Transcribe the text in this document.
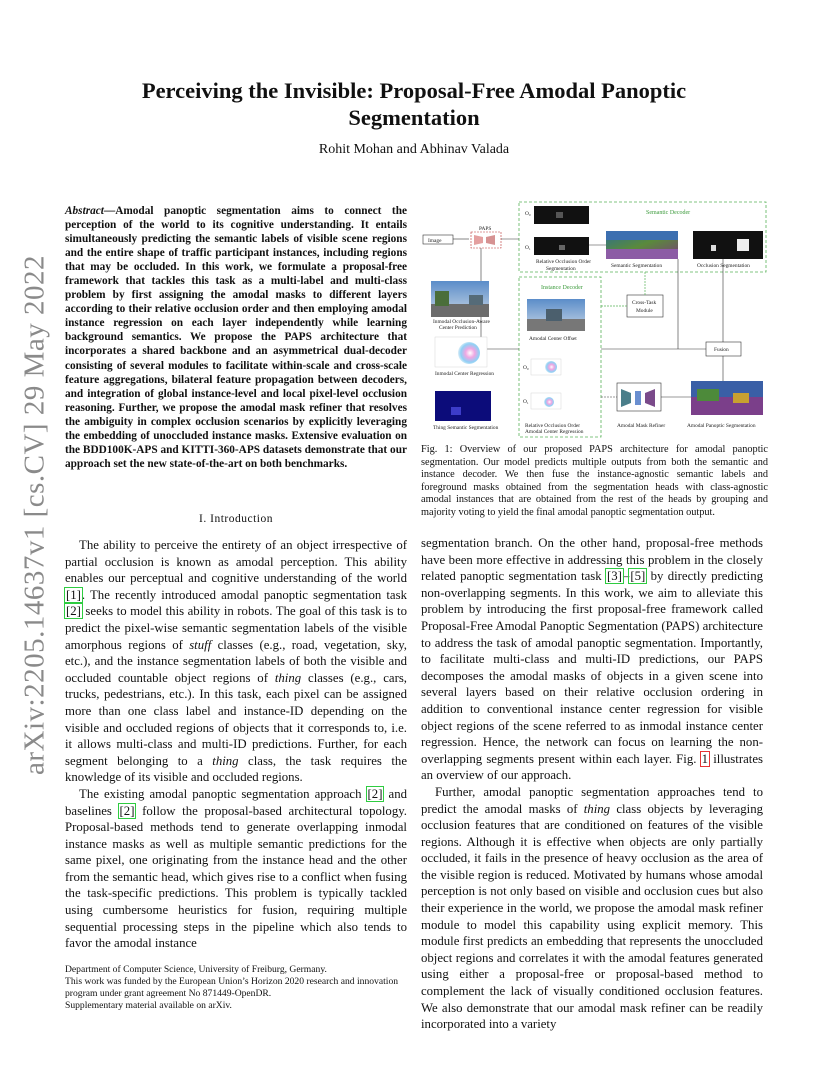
arXiv:2205.14637v1 [cs.CV] 29 May 2022
Perceiving the Invisible: Proposal-Free Amodal Panoptic Segmentation
Rohit Mohan and Abhinav Valada
Abstract—Amodal panoptic segmentation aims to connect the perception of the world to its cognitive understanding. It entails simultaneously predicting the semantic labels of visible scene regions and the entire shape of traffic participant instances, including regions that may be occluded. In this work, we formulate a proposal-free framework that tackles this task as a multi-label and multi-class problem by first assigning the amodal masks to different layers according to their relative occlusion order and then employing amodal instance regression on each layer independently while learning background semantics. We propose the PAPS architecture that incorporates a shared backbone and an asymmetrical dual-decoder consisting of several modules to facilitate within-scale and cross-scale feature aggregations, bilateral feature propagation between decoders, and integration of global instance-level and local pixel-level occlusion reasoning. Further, we propose the amodal mask refiner that resolves the ambiguity in complex occlusion scenarios by explicitly leveraging the embedding of unoccluded instance masks. Extensive evaluation on the BDD100K-APS and KITTI-360-APS datasets demonstrate that our approach set the new state-of-the-art on both benchmarks.
I. Introduction

The ability to perceive the entirety of an object irrespective of partial occlusion is known as amodal perception. This ability enables our perceptual and cognitive understanding of the world [1]. The recently introduced amodal panoptic segmentation task [2] seeks to model this ability in robots. The goal of this task is to predict the pixel-wise semantic segmentation labels of the visible amorphous regions of stuff classes (e.g., road, vegetation, sky, etc.), and the instance segmentation labels of both the visible and occluded countable object regions of thing classes (e.g., cars, trucks, pedestrians, etc.). In this task, each pixel can be assigned more than one class label and instance-ID depending on the visible and occluded regions of objects that it corresponds to, i.e. it allows multi-class and multi-ID predictions. Further, for each segment belonging to a thing class, the task requires the knowledge of its visible and occluded regions.

The existing amodal panoptic segmentation approach [2] and baselines [2] follow the proposal-based architectural topology. Proposal-based methods tend to generate overlapping inmodal instance masks as well as multiple semantic predictions for the same pixel, one originating from the instance head and the other from the semantic head, which gives rise to a conflict when fusing the task-specific predictions. This problem is typically tackled using cumbersome heuristics for fusion, requiring multiple sequential processing steps in the pipeline which also tends to favor the amodal instance

Department of Computer Science, University of Freiburg, Germany.
This work was funded by the European Union’s Horizon 2020 research and innovation program under grant agreement No 871449-OpenDR.
Supplementary material available on arXiv.
Semantic Decoder
Instance Decoder
Image
PAPS
O₀
O₁
Relative Occlusion Order
Segmentation	Semantic Segmentation	Occlusion Segmentation
Inmodal Occlusion-Aware
Center Prediction
Amodal Center Offset
Cross-Task
Module
Fusion
Inmodal Center Regression
O₀
O₁
Thing Semantic Segmentation	Relative Occlusion Order
Amodal Center Regression
Amodal Mask Refiner	Amodal Panoptic Segmentation
Fig. 1: Overview of our proposed PAPS architecture for amodal panoptic segmentation. Our model predicts multiple outputs from both the semantic and instance decoder. We then fuse the instance-agnostic semantic labels and foreground masks obtained from the segmentation heads with class-agnostic amodal instances that are obtained from the rest of the heads by grouping and majority voting to yield the final amodal panoptic segmentation output.

segmentation branch. On the other hand, proposal-free methods have been more effective in addressing this problem in the closely related panoptic segmentation task [3]–[5] by directly predicting non-overlapping segments. In this work, we aim to alleviate this problem by introducing the first proposal-free framework called Proposal-Free Amodal Panoptic Segmentation (PAPS) architecture to address the task of amodal panoptic segmentation. Importantly, to facilitate multi-class and multi-ID predictions, our PAPS decomposes the amodal masks of objects in a given scene into several layers based on their relative occlusion ordering in addition to conventional instance center regression for visible object regions of the scene referred to as inmodal instance center regression. Hence, the network can focus on learning the non-overlapping segments present within each layer. Fig. 1 illustrates an overview of our approach.

Further, amodal panoptic segmentation approaches tend to predict the amodal masks of thing class objects by leveraging occlusion features that are conditioned on features of the visible regions. Although it is effective when objects are only partially occluded, it fails in the presence of heavy occlusion as the area of the visible region is reduced. Motivated by humans whose amodal perception is not only based on visible and occlusion cues but also their experience in the world, we propose the amodal mask refiner module to model this capability using explicit memory. This module first predicts an embedding that represents the unoccluded object regions and correlates it with the amodal features generated using either a proposal-free or proposal-based method to complement the lack of visually conditioned occlusion features. We also demonstrate that our amodal mask refiner can be readily incorporated into a variety
